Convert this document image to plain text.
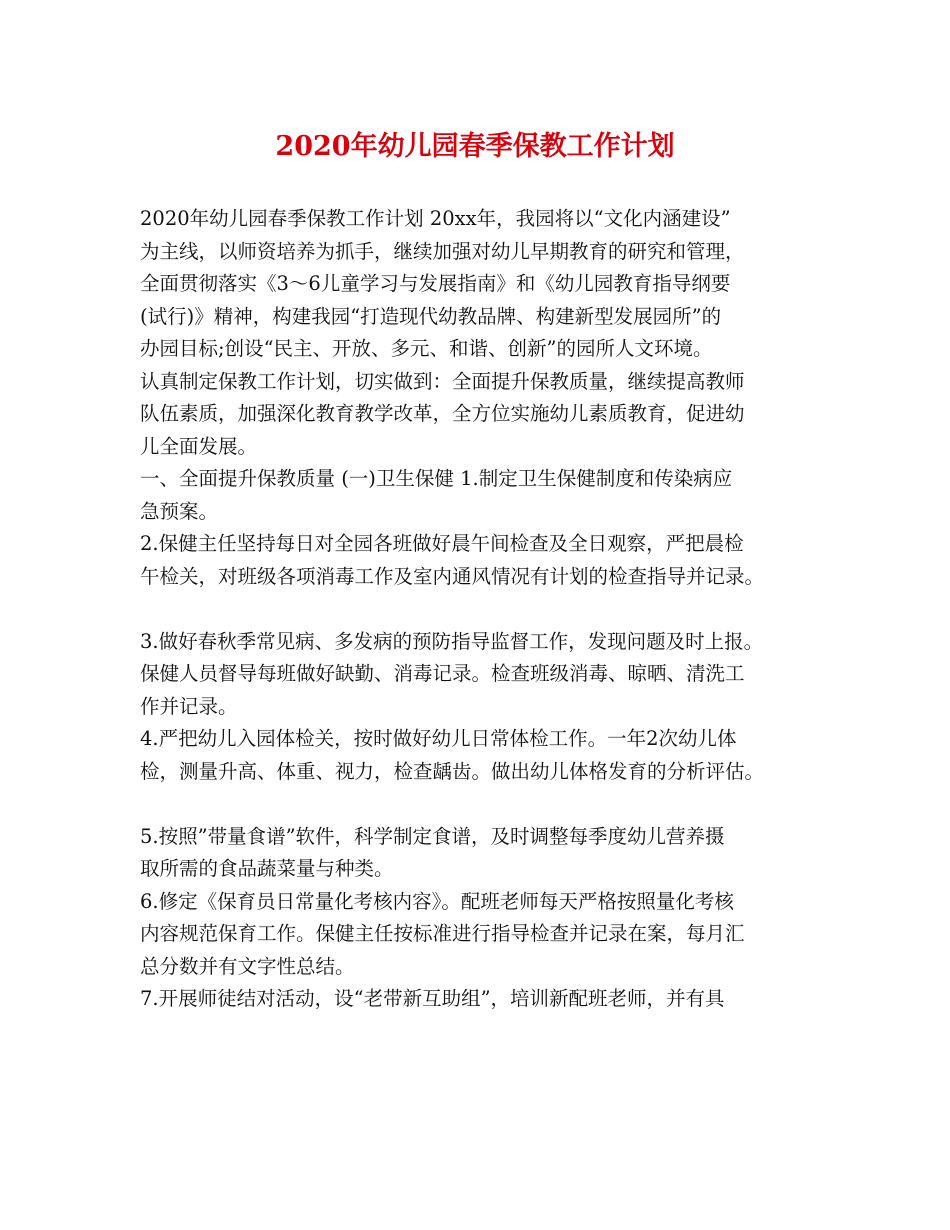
2020年幼儿园春季保教工作计划
2020年幼儿园春季保教工作计划 20xx年，我园将以“文化内涵建设”
为主线，以师资培养为抓手，继续加强对幼儿早期教育的研究和管理，
全面贯彻落实《3～6儿童学习与发展指南》和《幼儿园教育指导纲要
(试行)》精神，构建我园“打造现代幼教品牌、构建新型发展园所”的
办园目标;创设“民主、开放、多元、和谐、创新”的园所人文环境。
认真制定保教工作计划，切实做到：全面提升保教质量，继续提高教师
队伍素质，加强深化教育教学改革，全方位实施幼儿素质教育，促进幼
儿全面发展。
一、全面提升保教质量 (一)卫生保健 1.制定卫生保健制度和传染病应
急预案。
2.保健主任坚持每日对全园各班做好晨午间检查及全日观察，严把晨检
午检关，对班级各项消毒工作及室内通风情况有计划的检查指导并记录。
3.做好春秋季常见病、多发病的预防指导监督工作，发现问题及时上报。
保健人员督导每班做好缺勤、消毒记录。检查班级消毒、晾晒、清洗工
作并记录。
4.严把幼儿入园体检关，按时做好幼儿日常体检工作。一年2次幼儿体
检，测量升高、体重、视力，检查龋齿。做出幼儿体格发育的分析评估。
5.按照”带量食谱”软件，科学制定食谱，及时调整每季度幼儿营养摄
取所需的食品蔬菜量与种类。
6.修定《保育员日常量化考核内容》。配班老师每天严格按照量化考核
内容规范保育工作。保健主任按标准进行指导检查并记录在案，每月汇
总分数并有文字性总结。
7.开展师徒结对活动，设“老带新互助组”，培训新配班老师，并有具
